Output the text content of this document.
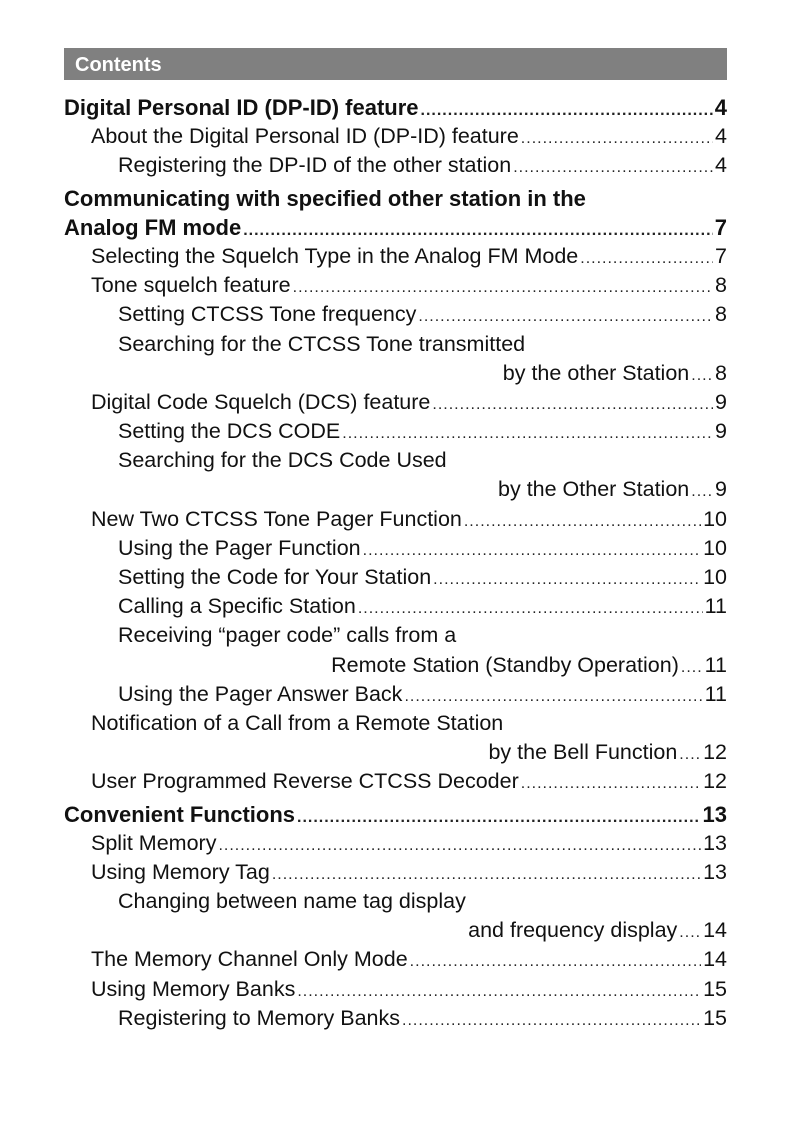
Contents
Digital Personal ID (DP-ID) feature .....	4
About the Digital Personal ID (DP-ID) feature .....	4
Registering the DP-ID of the other station .....	4
Communicating with specified other station in the
Analog FM mode .....	7
Selecting the Squelch Type in the Analog FM Mode .....	7
Tone squelch feature .....	8
Setting CTCSS Tone frequency .....	8
Searching for the CTCSS Tone transmitted
by the other Station .... 8
Digital Code Squelch (DCS) feature .....	9
Setting the DCS CODE .....	9
Searching for the DCS Code Used
by the Other Station .... 9
New Two CTCSS Tone Pager Function .....	10
Using the Pager Function .....	10
Setting the Code for Your Station .....	10
Calling a Specific Station .....	11
Receiving “pager code” calls from a
Remote Station (Standby Operation) .... 11
Using the Pager Answer Back .....	11
Notification of a Call from a Remote Station
by the Bell Function .... 12
User Programmed Reverse CTCSS Decoder .....	12
Convenient Functions .....	13
Split Memory .....	13
Using Memory Tag .....	13
Changing between name tag display
and frequency display .... 14
The Memory Channel Only Mode .....	14
Using Memory Banks .....	15
Registering to Memory Banks .....	15
